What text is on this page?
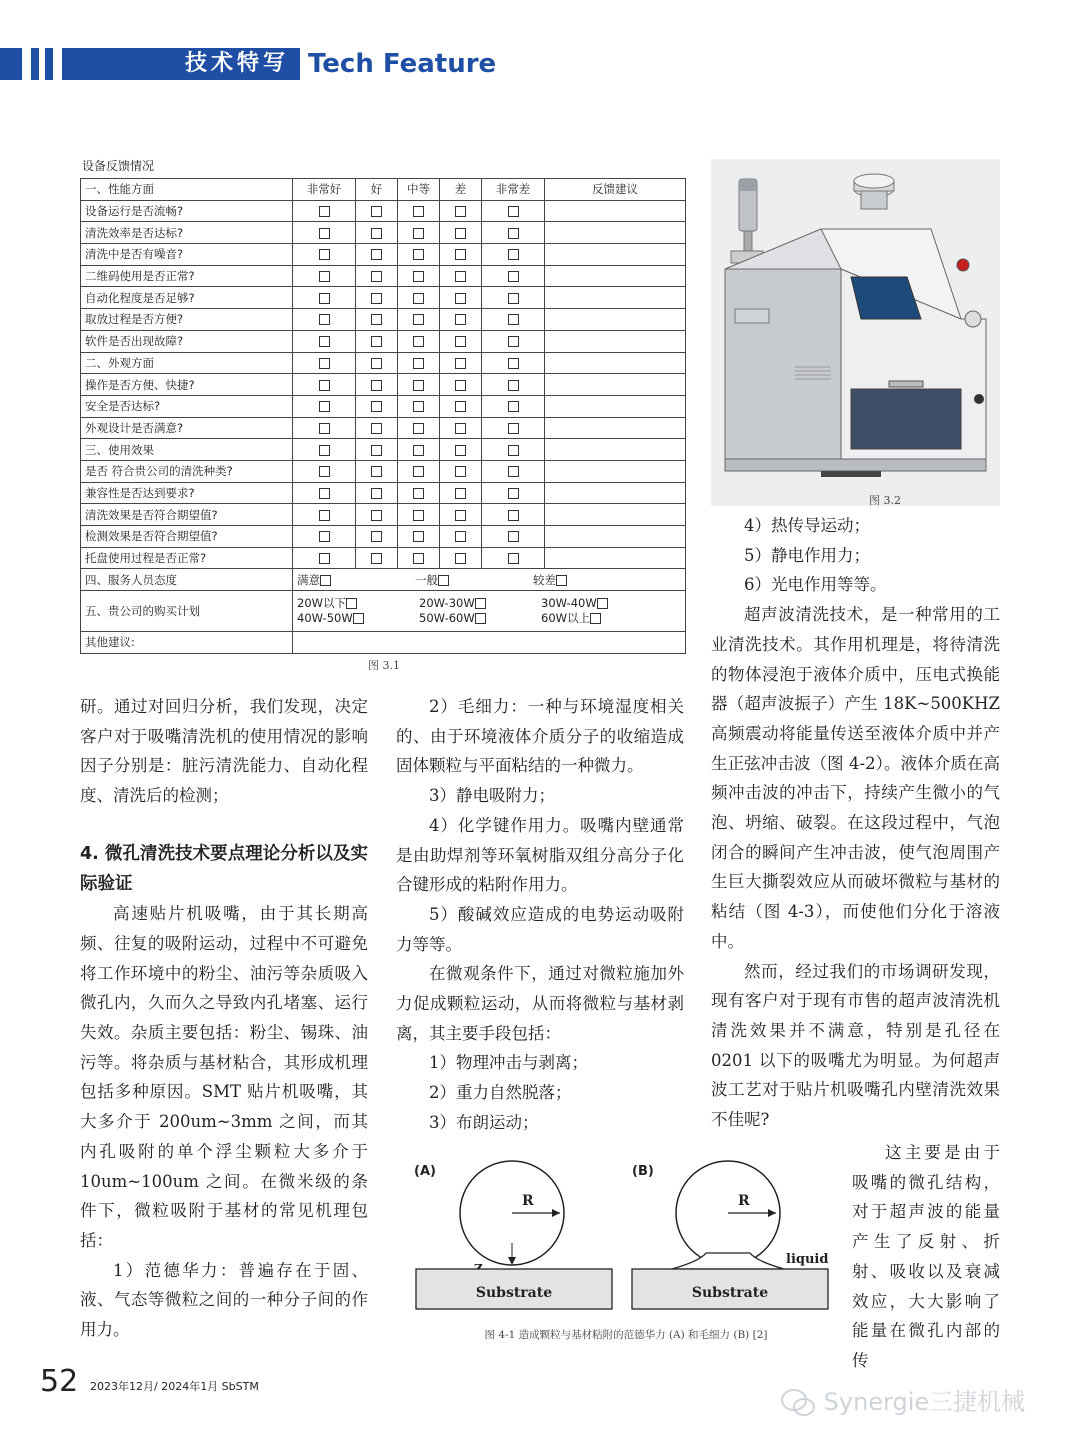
技术特写 Tech Feature
设备反馈情况
一、性能方面	非常好	好	中等	差	非常差	反馈建议
设备运行是否流畅?						
清洗效率是否达标?						
清洗中是否有噪音?						
二维码使用是否正常?						
自动化程度是否足够?						
取放过程是否方便?						
软件是否出现故障?						
二、外观方面						
操作是否方便、快捷?						
安全是否达标?						
外观设计是否满意?						
三、使用效果						
是否 符合贵公司的清洗种类?						
兼容性是否达到要求?						
清洗效果是否符合期望值?						
检测效果是否符合期望值?						
托盘使用过程是否正常?						
四、服务人员态度	满意 一般 较差					
五、贵公司的购买计划	20W以下 20W-30W 30W-40W
40W-50W 50W-60W 60W以上					

其他建议:						
图 3.1
图 3.2

研。通过对回归分析，我们发现，决定客户对于吸嘴清洗机的使用情况的影响因子分别是：脏污清洗能力、自动化程度、清洗后的检测；

4. 微孔清洗技术要点理论分析以及实际验证

高速贴片机吸嘴，由于其长期高频、往复的吸附运动，过程中不可避免将工作环境中的粉尘、油污等杂质吸入微孔内，久而久之导致内孔堵塞、运行失效。杂质主要包括：粉尘、锡珠、油污等。将杂质与基材粘合，其形成机理包括多种原因。SMT 贴片机吸嘴，其大多介于 200um~3mm 之间，而其内孔吸附的单个浮尘颗粒大多介于 10um~100um 之间。在微米级的条件下，微粒吸附于基材的常见机理包括：

1）范德华力：普遍存在于固、液、气态等微粒之间的一种分子间的作用力。

2）毛细力：一种与环境湿度相关的、由于环境液体介质分子的收缩造成固体颗粒与平面粘结的一种微力。

3）静电吸附力；

4）化学键作用力。吸嘴内壁通常是由助焊剂等环氧树脂双组分高分子化合键形成的粘附作用力。

5）酸碱效应造成的电势运动吸附力等等。

在微观条件下，通过对微粒施加外力促成颗粒运动，从而将微粒与基材剥离，其主要手段包括：

1）物理冲击与剥离；

2）重力自然脱落；

3）布朗运动；

4）热传导运动；

5）静电作用力；

6）光电作用等等。

超声波清洗技术，是一种常用的工业清洗技术。其作用机理是，将待清洗的物体浸泡于液体介质中，压电式换能器（超声波振子）产生 18K~500KHZ 高频震动将能量传送至液体介质中并产生正弦冲击波（图 4-2）。液体介质在高频冲击波的冲击下，持续产生微小的气泡、坍缩、破裂。在这段过程中，气泡闭合的瞬间产生冲击波，使气泡周围产生巨大撕裂效应从而破坏微粒与基材的粘结（图 4-3），而使他们分化于溶液中。

然而，经过我们的市场调研发现，现有客户对于现有市售的超声波清洗机清洗效果并不满意，特别是孔径在 0201 以下的吸嘴尤为明显。为何超声波工艺对于贴片机吸嘴孔内壁清洗效果不佳呢?

这主要是由于吸嘴的微孔结构，对于超声波的能量产生了反射、折射、吸收以及衰减效应，大大影响了能量在微孔内部的传

(A)
R
Substrate
(B)
R
liquid
Substrate
图 4-1 造成颗粒与基材粘附的范德华力 (A) 和毛细力 (B) [2]
52 2023年12月/ 2024年1月 SbSTM
Synergie三捷机械
